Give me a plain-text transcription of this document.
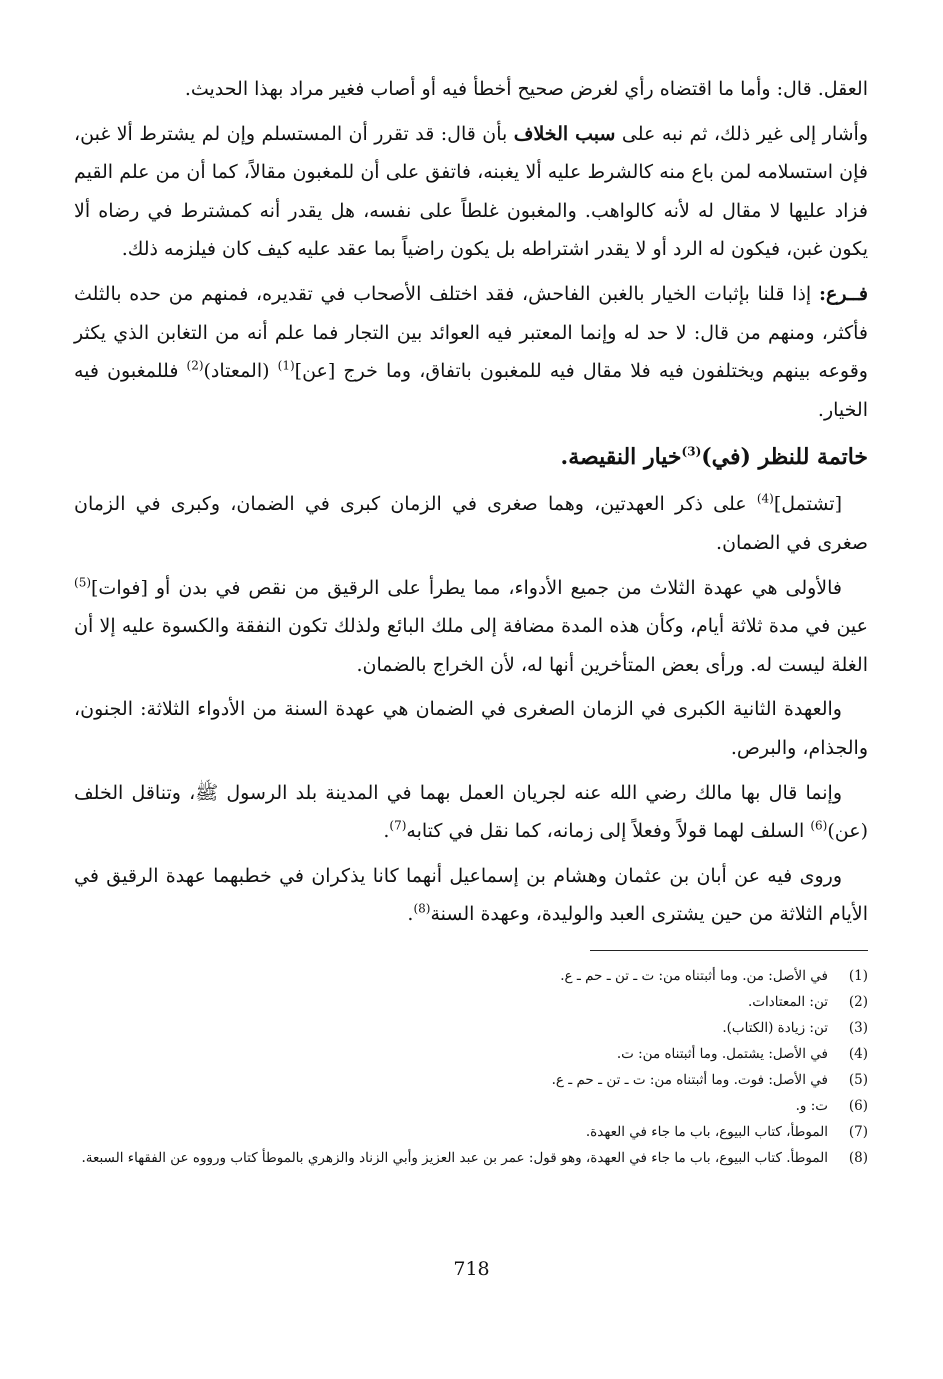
العقل. قال: وأما ما اقتضاه رأي لغرض صحيح أخطأ فيه أو أصاب فغير مراد بهذا الحديث.

وأشار إلى غير ذلك، ثم نبه على سبب الخلاف بأن قال: قد تقرر أن المستسلم وإن لم يشترط ألا غبن، فإن استسلامه لمن باع منه كالشرط عليه ألا يغبنه، فاتفق على أن للمغبون مقالاً، كما أن من علم القيم فزاد عليها لا مقال له لأنه كالواهب. والمغبون غلطاً على نفسه، هل يقدر أنه كمشترط في رضاه ألا يكون غبن، فيكون له الرد أو لا يقدر اشتراطه بل يكون راضياً بما عقد عليه كيف كان فيلزمه ذلك.

فــرع: إذا قلنا بإثبات الخيار بالغبن الفاحش، فقد اختلف الأصحاب في تقديره، فمنهم من حده بالثلث فأكثر، ومنهم من قال: لا حد له وإنما المعتبر فيه العوائد بين التجار فما علم أنه من التغابن الذي يكثر وقوعه بينهم ويختلفون فيه فلا مقال فيه للمغبون باتفاق، وما خرج [عن]$^{(1)}$ (المعتاد)$^{(2)}$ فللمغبون فيه الخيار.

خاتمة للنظر (في)$^{(3)}$خيار النقيصة.

[تشتمل]$^{(4)}$ على ذكر العهدتين، وهما صغرى في الزمان كبرى في الضمان، وكبرى في الزمان صغرى في الضمان.

فالأولى هي عهدة الثلاث من جميع الأدواء، مما يطرأ على الرقيق من نقص في بدن أو [فوات]$^{(5)}$ عين في مدة ثلاثة أيام، وكأن هذه المدة مضافة إلى ملك البائع ولذلك تكون النفقة والكسوة عليه إلا أن الغلة ليست له. ورأى بعض المتأخرين أنها له، لأن الخراج بالضمان.

والعهدة الثانية الكبرى في الزمان الصغرى في الضمان هي عهدة السنة من الأدواء الثلاثة: الجنون، والجذام، والبرص.

وإنما قال بها مالك رضي الله عنه لجريان العمل بهما في المدينة بلد الرسول ﷺ، وتناقل الخلف (عن)$^{(6)}$ السلف لهما قولاً وفعلاً إلى زمانه، كما نقل في كتابه$^{(7)}$.

وروى فيه عن أبان بن عثمان وهشام بن إسماعيل أنهما كانا يذكران في خطبهما عهدة الرقيق في الأيام الثلاثة من حين يشترى العبد والوليدة، وعهدة السنة$^{(8)}$.

(1)
في الأصل: من. وما أثبتناه من: ت ـ تن ـ حم ـ ع.
(2)
تن: المعتادات.
(3)
تن: زيادة (الكتاب).
(4)
في الأصل: يشتمل. وما أثبتناه من: ت.
(5)
في الأصل: فوت. وما أثبتناه من: ت ـ تن ـ حم ـ ع.
(6)
ت: و.
(7)
الموطأ، كتاب البيوع، باب ما جاء في العهدة.
(8)
الموطأ. كتاب البيوع، باب ما جاء في العهدة، وهو قول: عمر بن عبد العزيز وأبي الزناد والزهري بالموطأ كتاب ورووه عن الفقهاء السبعة.
718
